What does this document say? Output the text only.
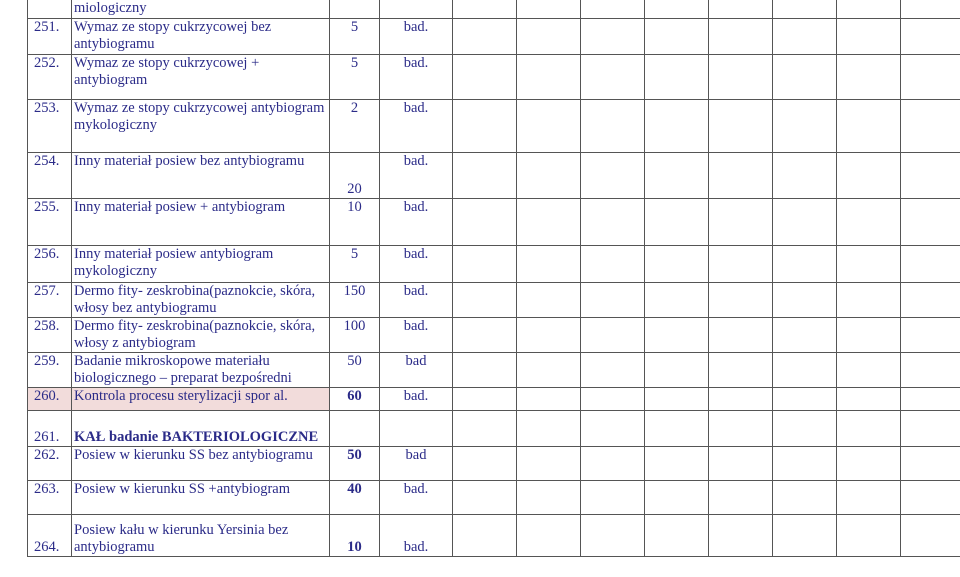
	miologiczny										
251.	Wymaz ze stopy cukrzycowej bez antybiogramu	5	bad.								
252.	Wymaz ze stopy cukrzycowej + antybiogram	5	bad.								
253.	Wymaz ze stopy cukrzycowej antybiogram mykologiczny	2	bad.								
254.	Inny materiał posiew bez antybiogramu	20	bad.								
255.	Inny materiał posiew + antybiogram	10	bad.								
256.	Inny materiał posiew antybiogram mykologiczny	5	bad.								
257.	Dermo fity- zeskrobina(paznokcie, skóra, włosy bez antybiogramu	150	bad.								
258.	Dermo fity- zeskrobina(paznokcie, skóra, włosy z antybiogram	100	bad.								
259.	Badanie mikroskopowe materiału biologicznego – preparat bezpośredni	50	bad								
260.	Kontrola procesu sterylizacji spor al.	60	bad.								
261.	KAŁ badanie BAKTERIOLOGICZNE										
262.	Posiew w kierunku SS bez antybiogramu	50	bad								
263.	Posiew w kierunku SS +antybiogram	40	bad.								
264.	Posiew kału w kierunku Yersinia bez antybiogramu	10	bad.								
